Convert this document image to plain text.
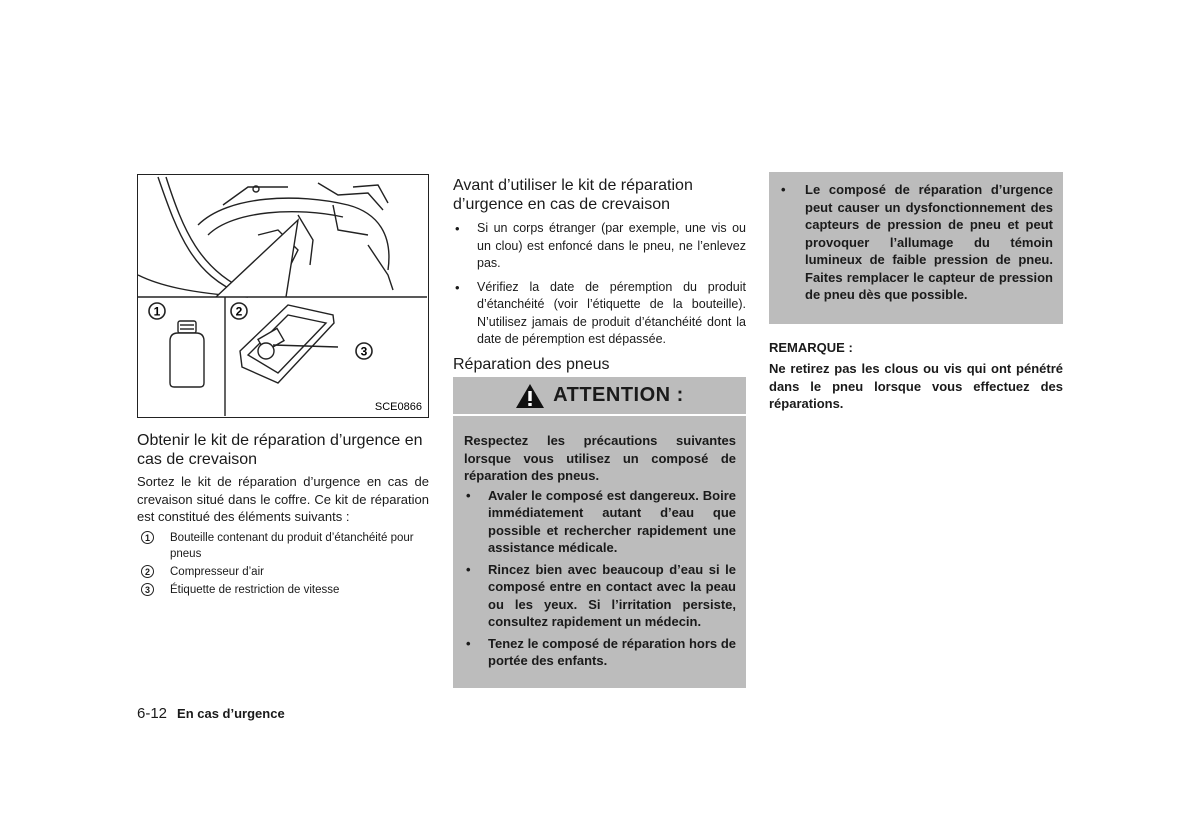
1	2
3
SCE0866
Obtenir le kit de réparation d’urgence en cas de crevaison

Sortez le kit de réparation d’urgence en cas de crevaison situé dans le coffre. Ce kit de réparation est constitué des éléments suivants :

1	Bouteille contenant du produit d’étanchéité pour pneus
2	Compresseur d’air
3	Étiquette de restriction de vitesse
Avant d’utiliser le kit de réparation d’urgence en cas de crevaison
• Si un corps étranger (par exemple, une vis ou un clou) est enfoncé dans le pneu, ne l’enlevez pas.
• Vérifiez la date de péremption du produit d’étanchéité (voir l’étiquette de la bouteille). N’utilisez jamais de produit d’étanchéité dont la date de péremption est dépassée.
Réparation des pneus
ATTENTION :

Respectez les précautions suivantes lorsque vous utilisez un composé de réparation des pneus.

• Avaler le composé est dangereux. Boire immédiatement autant d’eau que possible et rechercher rapidement une assistance médicale.
• Rincez bien avec beaucoup d’eau si le composé entre en contact avec la peau ou les yeux. Si l’irritation persiste, consultez rapidement un médecin.
• Tenez le composé de réparation hors de portée des enfants.
• Le composé de réparation d’urgence peut causer un dysfonctionnement des capteurs de pression de pneu et peut provoquer l’allumage du témoin lumineux de faible pression de pneu. Faites remplacer le capteur de pression de pneu dès que possible.

REMARQUE :

Ne retirez pas les clous ou vis qui ont pénétré dans le pneu lorsque vous effectuez des réparations.

6-12 En cas d’urgence
